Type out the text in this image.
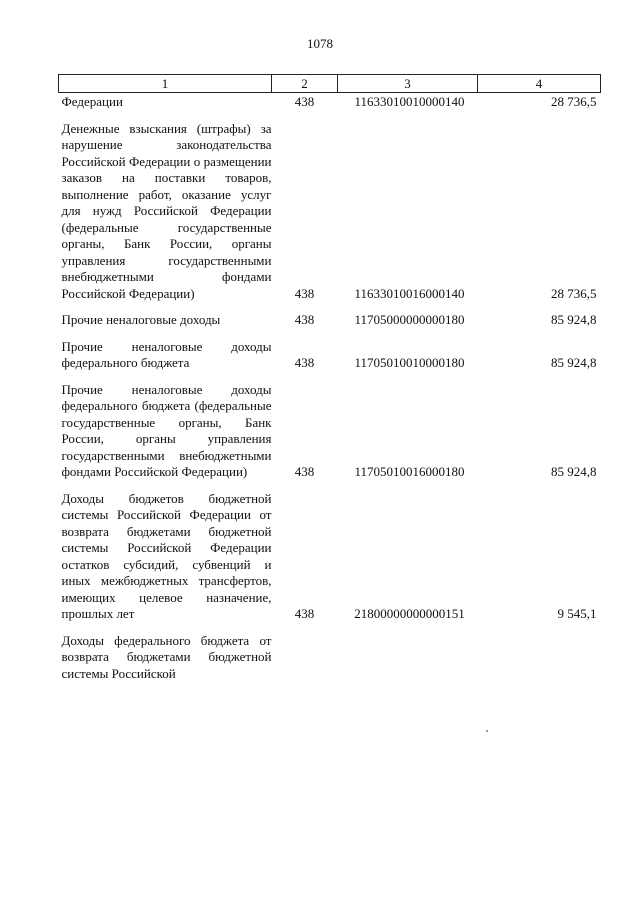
1078
1	2	3	4
Федерации	438	11633010010000140	28 736,5
Денежные взыскания (штрафы) за нарушение законодательства Российской Федерации о размещении заказов на поставки товаров, выполнение работ, оказание услуг для нужд Российской Федерации (федеральные государственные органы, Банк России, органы управления государственными внебюджетными фондами Российской Федерации)	438	11633010016000140	28 736,5
Прочие неналоговые доходы	438	11705000000000180	85 924,8
Прочие неналоговые доходы федерального бюджета	438	11705010010000180	85 924,8
Прочие неналоговые доходы федерального бюджета (федеральные государственные органы, Банк России, органы управления государственными внебюджетными фондами Российской Федерации)	438	11705010016000180	85 924,8
Доходы бюджетов бюджетной системы Российской Федерации от возврата бюджетами бюджетной системы Российской Федерации остатков субсидий, субвенций и иных межбюджетных трансфертов, имеющих целевое назначение, прошлых лет	438	21800000000000151	9 545,1
Доходы федерального бюджета от возврата бюджетами бюджетной системы Российской			
